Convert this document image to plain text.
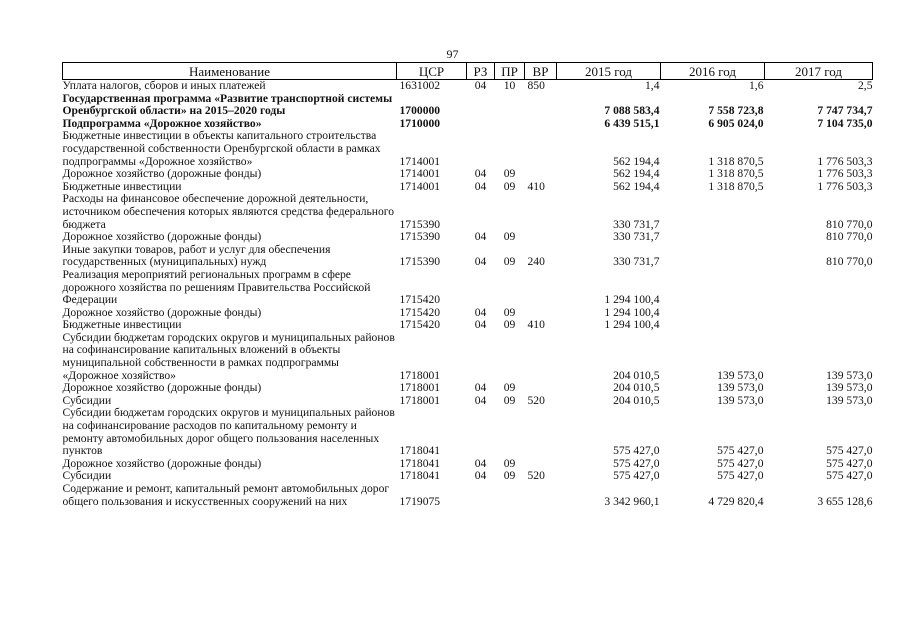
97
Наименование	ЦСР	РЗ	ПР	ВР	2015 год	2016 год	2017 год
Уплата налогов, сборов и иных платежей	1631002	04	10	850	1,4	1,6	2,5
Государственная программа «Развитие транспортной системы Оренбургской области» на 2015–2020 годы	1700000				7 088 583,4	7 558 723,8	7 747 734,7
Подпрограмма «Дорожное хозяйство»	1710000				6 439 515,1	6 905 024,0	7 104 735,0
Бюджетные инвестиции в объекты капитального строительства государственной собственности Оренбургской области в рамках подпрограммы «Дорожное хозяйство»	1714001				562 194,4	1 318 870,5	1 776 503,3
Дорожное хозяйство (дорожные фонды)	1714001	04	09		562 194,4	1 318 870,5	1 776 503,3
Бюджетные инвестиции	1714001	04	09	410	562 194,4	1 318 870,5	1 776 503,3
Расходы на финансовое обеспечение дорожной деятельности, источником обеспечения которых являются средства федерального бюджета	1715390				330 731,7		810 770,0
Дорожное хозяйство (дорожные фонды)	1715390	04	09		330 731,7		810 770,0
Иные закупки товаров, работ и услуг для обеспечения государственных (муниципальных) нужд	1715390	04	09	240	330 731,7		810 770,0
Реализация мероприятий региональных программ в сфере дорожного хозяйства по решениям Правительства Российской Федерации	1715420				1 294 100,4		
Дорожное хозяйство (дорожные фонды)	1715420	04	09		1 294 100,4		
Бюджетные инвестиции	1715420	04	09	410	1 294 100,4		
Субсидии бюджетам городских округов и муниципальных районов на софинансирование капитальных вложений в объекты муниципальной собственности в рамках подпрограммы «Дорожное хозяйство»	1718001				204 010,5	139 573,0	139 573,0
Дорожное хозяйство (дорожные фонды)	1718001	04	09		204 010,5	139 573,0	139 573,0
Субсидии	1718001	04	09	520	204 010,5	139 573,0	139 573,0
Субсидии бюджетам городских округов и муниципальных районов на софинансирование расходов по капитальному ремонту и ремонту автомобильных дорог общего пользования населенных пунктов	1718041				575 427,0	575 427,0	575 427,0
Дорожное хозяйство (дорожные фонды)	1718041	04	09		575 427,0	575 427,0	575 427,0
Субсидии	1718041	04	09	520	575 427,0	575 427,0	575 427,0
Содержание и ремонт, капитальный ремонт автомобильных дорог общего пользования и искусственных сооружений на них	1719075				3 342 960,1	4 729 820,4	3 655 128,6
